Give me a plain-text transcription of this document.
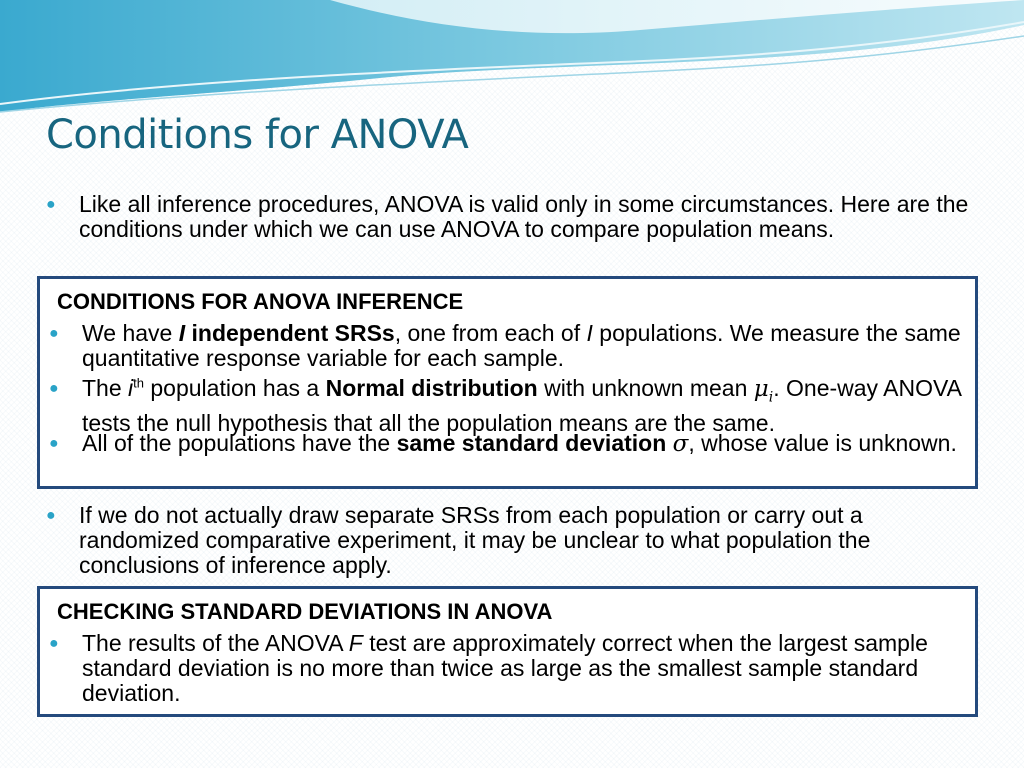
Conditions for ANOVA
● Like all inference procedures, ANOVA is valid only in some circumstances. Here are the conditions under which we can use ANOVA to compare population means.
CONDITIONS FOR ANOVA INFERENCE
● We have I independent SRSs, one from each of I populations. We measure the same quantitative response variable for each sample.
● The $i^{th}$ population has a Normal distribution with unknown mean $\mu_i$. One-way ANOVA tests the null hypothesis that all the population means are the same.
● All of the populations have the same standard deviation σ, whose value is unknown.
● If we do not actually draw separate SRSs from each population or carry out a randomized comparative experiment, it may be unclear to what population the conclusions of inference apply.
CHECKING STANDARD DEVIATIONS IN ANOVA
● The results of the ANOVA F test are approximately correct when the largest sample standard deviation is no more than twice as large as the smallest sample standard deviation.
